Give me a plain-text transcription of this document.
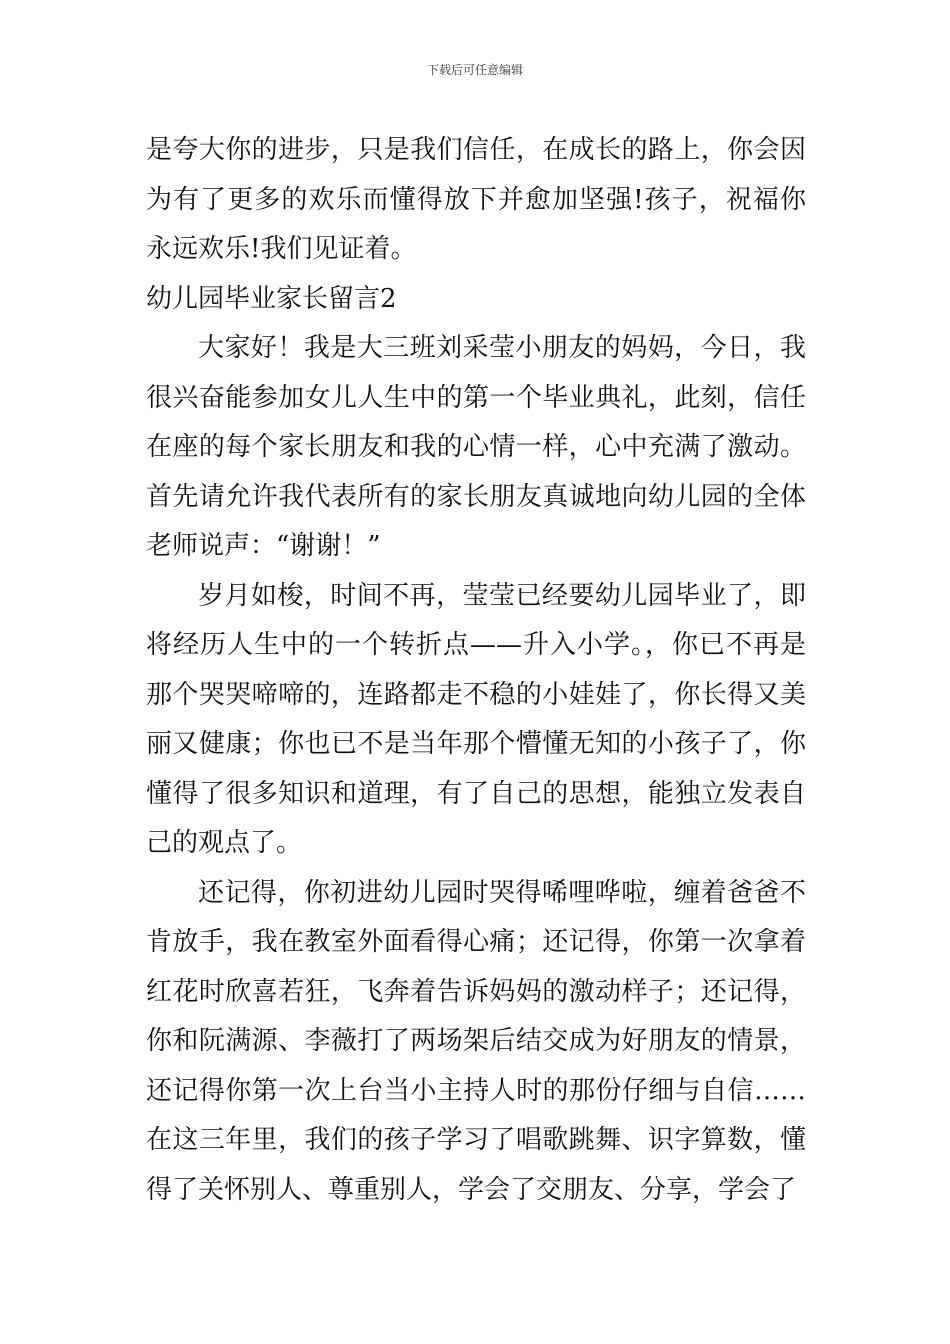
下载后可任意编辑

是夸大你的进步，只是我们信任，在成长的路上，你会因为有了更多的欢乐而懂得放下并愈加坚强!孩子，祝福你永远欢乐!我们见证着。

幼儿园毕业家长留言2

大家好！我是大三班刘采莹小朋友的妈妈，今日，我很兴奋能参加女儿人生中的第一个毕业典礼，此刻，信任在座的每个家长朋友和我的心情一样，心中充满了激动。首先请允许我代表所有的家长朋友真诚地向幼儿园的全体老师说声：“谢谢！”

岁月如梭，时间不再，莹莹已经要幼儿园毕业了，即将经历人生中的一个转折点——升入小学。，你已不再是那个哭哭啼啼的，连路都走不稳的小娃娃了，你长得又美丽又健康；你也已不是当年那个懵懂无知的小孩子了，你懂得了很多知识和道理，有了自己的思想，能独立发表自己的观点了。

还记得，你初进幼儿园时哭得唏哩哗啦，缠着爸爸不肯放手，我在教室外面看得心痛；还记得，你第一次拿着红花时欣喜若狂，飞奔着告诉妈妈的激动样子；还记得，你和阮满源、李薇打了两场架后结交成为好朋友的情景，还记得你第一次上台当小主持人时的那份仔细与自信……在这三年里，我们的孩子学习了唱歌跳舞、识字算数，懂得了关怀别人、尊重别人，学会了交朋友、分享，学会了
